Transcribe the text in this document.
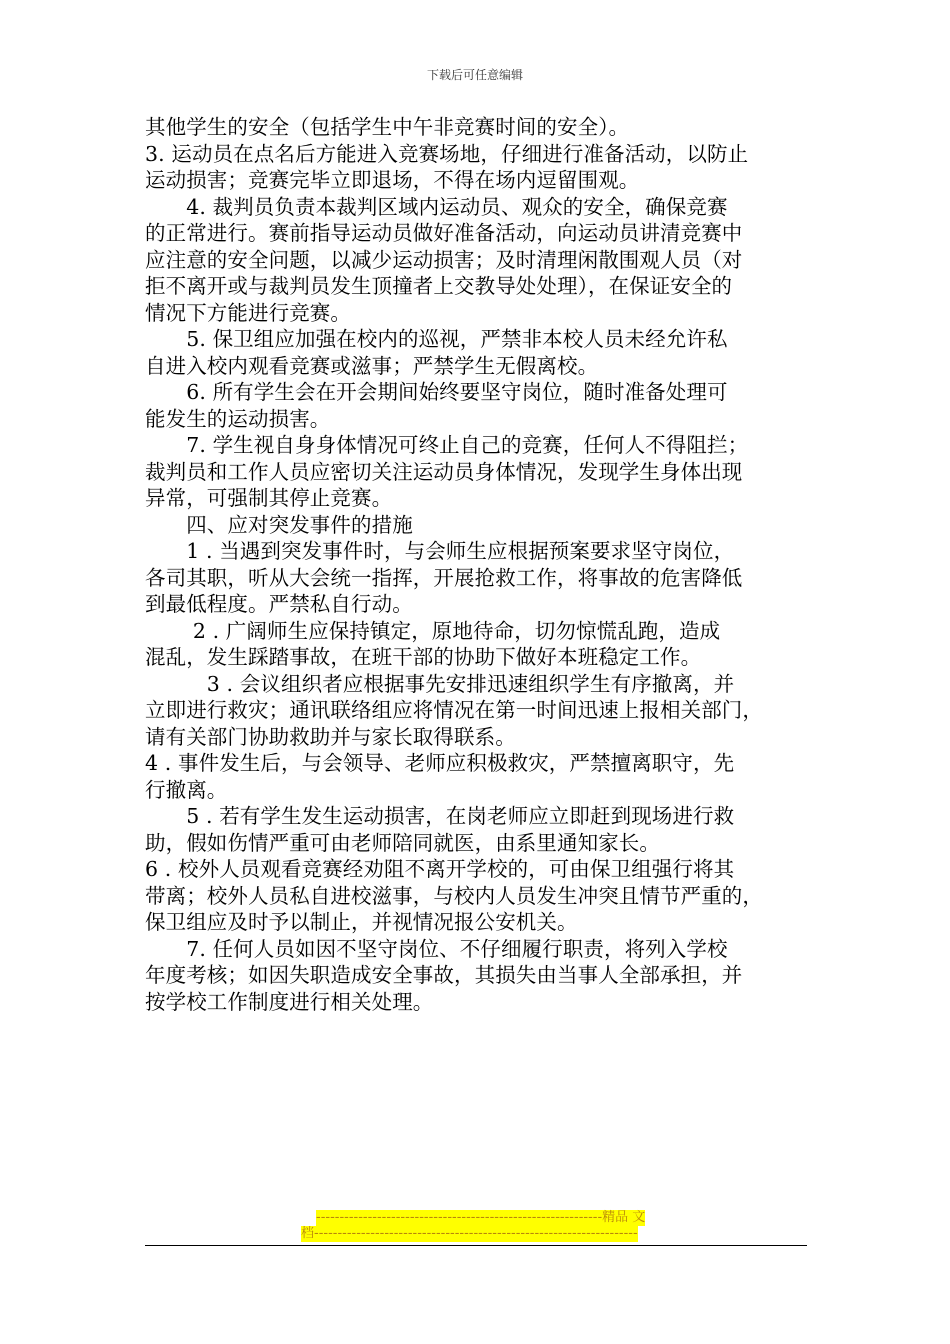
下载后可任意编辑
其他学生的安全（包括学生中午非竞赛时间的安全）。
3. 运动员在点名后方能进入竞赛场地，仔细进行准备活动，以防止
运动损害；竞赛完毕立即退场，不得在场内逗留围观。
　　4. 裁判员负责本裁判区域内运动员、观众的安全，确保竞赛
的正常进行。赛前指导运动员做好准备活动，向运动员讲清竞赛中
应注意的安全问题，以减少运动损害；及时清理闲散围观人员（对
拒不离开或与裁判员发生顶撞者上交教导处处理），在保证安全的
情况下方能进行竞赛。
　　5. 保卫组应加强在校内的巡视，严禁非本校人员未经允许私
自进入校内观看竞赛或滋事；严禁学生无假离校。
　　6. 所有学生会在开会期间始终要坚守岗位，随时准备处理可
能发生的运动损害。
　　7. 学生视自身身体情况可终止自己的竞赛，任何人不得阻拦；
裁判员和工作人员应密切关注运动员身体情况，发现学生身体出现
异常，可强制其停止竞赛。
　　四、应对突发事件的措施
　　1 . 当遇到突发事件时，与会师生应根据预案要求坚守岗位，
各司其职，听从大会统一指挥，开展抢救工作，将事故的危害降低
到最低程度。严禁私自行动。
　　 2 . 广阔师生应保持镇定，原地待命，切勿惊慌乱跑，造成
混乱，发生踩踏事故，在班干部的协助下做好本班稳定工作。
　　　3 . 会议组织者应根据事先安排迅速组织学生有序撤离，并
立即进行救灾；通讯联络组应将情况在第一时间迅速上报相关部门，
请有关部门协助救助并与家长取得联系。
4 . 事件发生后，与会领导、老师应积极救灾，严禁擅离职守，先
行撤离。
　　5 . 若有学生发生运动损害，在岗老师应立即赶到现场进行救
助，假如伤情严重可由老师陪同就医，由系里通知家长。
6 . 校外人员观看竞赛经劝阻不离开学校的，可由保卫组强行将其
带离；校外人员私自进校滋事，与校内人员发生冲突且情节严重的，
保卫组应及时予以制止，并视情况报公安机关。
　　7. 任何人员如因不坚守岗位、不仔细履行职责，将列入学校
年度考核；如因失职造成安全事故，其损失由当事人全部承担，并
按学校工作制度进行相关处理。
-------------------------------------------------------------精品 文
档---------------------------------------------------------------------
